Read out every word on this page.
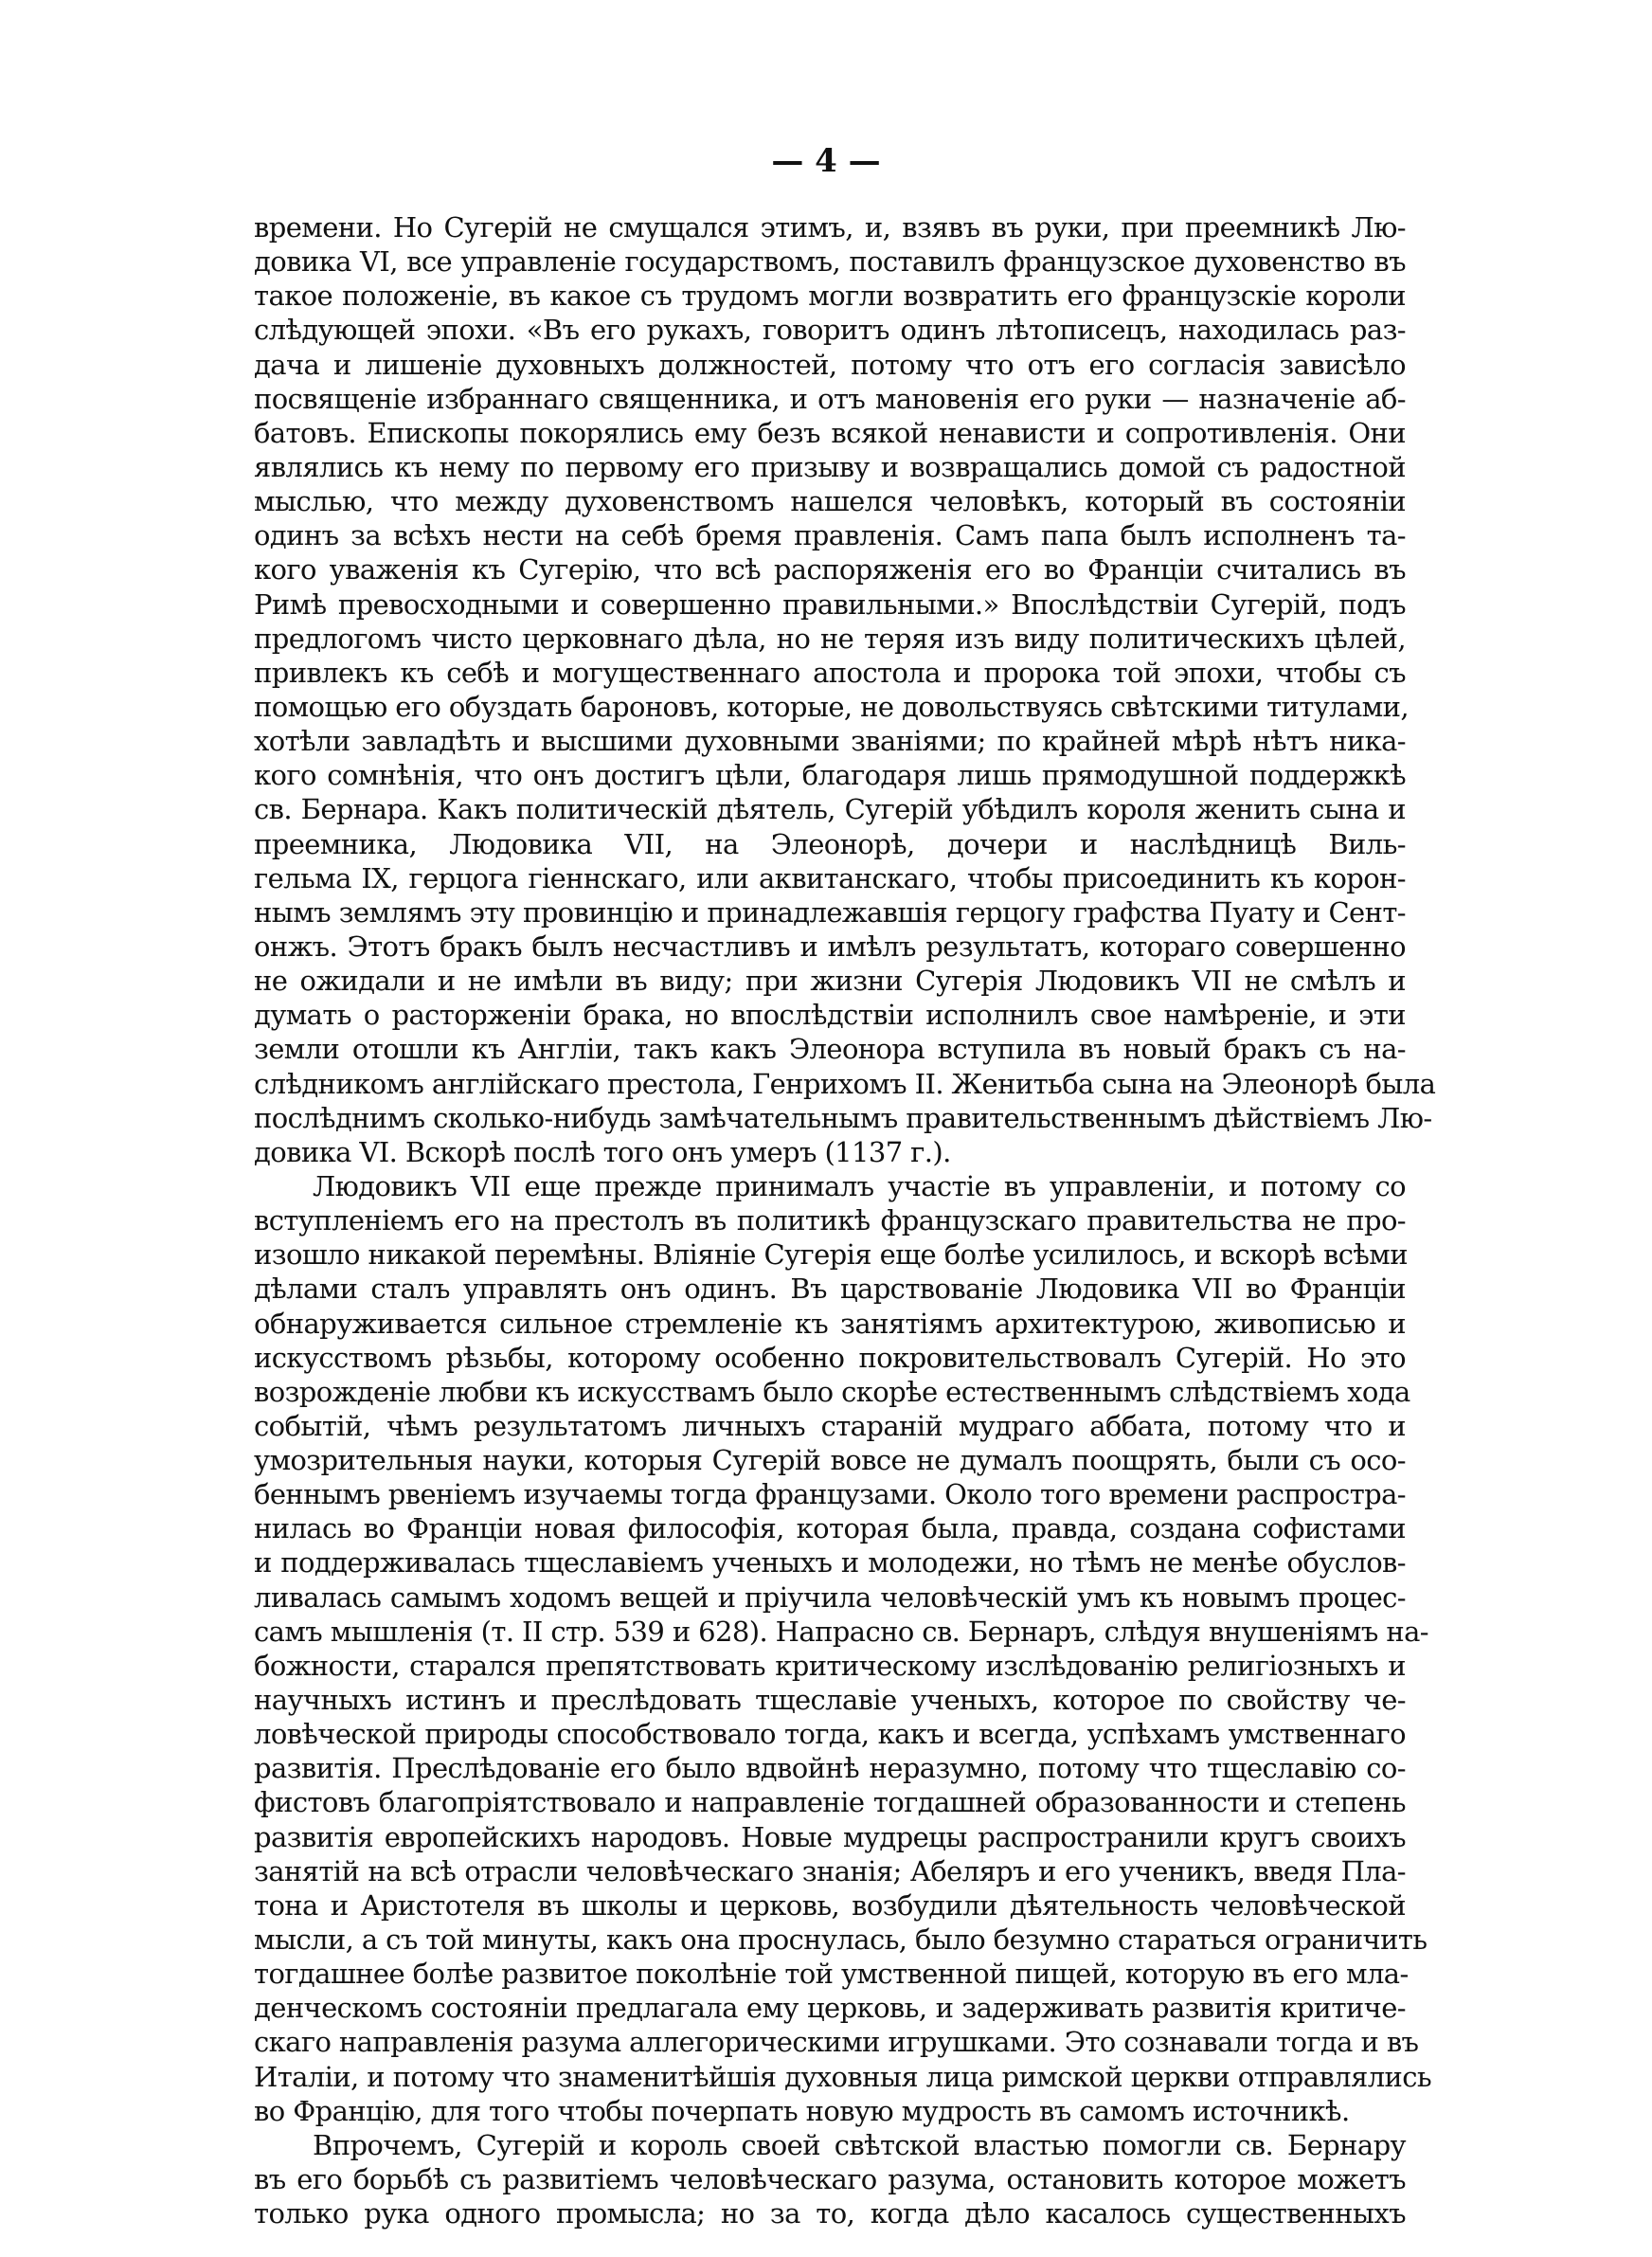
— 4 —
времени. Но Сугерій не смущался этимъ, и, взявъ въ руки, при преемникѣ Лю-
довика VI, все управленіе государствомъ, поставилъ французское духовенство въ
такое положеніе, въ какое съ трудомъ могли возвратить его французскіе короли
слѣдующей эпохи. «Въ его рукахъ, говоритъ одинъ лѣтописецъ, находилась раз-
дача и лишеніе духовныхъ должностей, потому что отъ его согласія зависѣло
посвященіе избраннаго священника, и отъ мановенія его руки — назначеніе аб-
батовъ. Епископы покорялись ему безъ всякой ненависти и сопротивленія. Они
являлись къ нему по первому его призыву и возвращались домой съ радостной
мыслью, что между духовенствомъ нашелся человѣкъ, который въ состояніи
одинъ за всѣхъ нести на себѣ бремя правленія. Самъ папа былъ исполненъ та-
кого уваженія къ Сугерію, что всѣ распоряженія его во Франціи считались въ
Римѣ превосходными и совершенно правильными.» Впослѣдствіи Сугерій, подъ
предлогомъ чисто церковнаго дѣла, но не теряя изъ виду политическихъ цѣлей,
привлекъ къ себѣ и могущественнаго апостола и пророка той эпохи, чтобы съ
помощью его обуздать бароновъ, которые, не довольствуясь свѣтскими титулами,
хотѣли завладѣть и высшими духовными званіями; по крайней мѣрѣ нѣтъ ника-
кого сомнѣнія, что онъ достигъ цѣли, благодаря лишь прямодушной поддержкѣ
св. Бернара. Какъ политическій дѣятель, Сугерій убѣдилъ короля женить сына и
преемника, Людовика VII, на Элеонорѣ, дочери и наслѣдницѣ Виль-
гельма IX, герцога гіеннскаго, или аквитанскаго, чтобы присоединить къ корон-
нымъ землямъ эту провинцію и принадлежавшія герцогу графства Пуату и Сент-
онжъ. Этотъ бракъ былъ несчастливъ и имѣлъ результатъ, котораго совершенно
не ожидали и не имѣли въ виду; при жизни Сугерія Людовикъ VII не смѣлъ и
думать о расторженіи брака, но впослѣдствіи исполнилъ свое намѣреніе, и эти
земли отошли къ Англіи, такъ какъ Элеонора вступила въ новый бракъ съ на-
слѣдникомъ англійскаго престола, Генрихомъ II. Женитьба сына на Элеонорѣ была
послѣднимъ сколько-нибудь замѣчательнымъ правительственнымъ дѣйствіемъ Лю-
довика VI. Вскорѣ послѣ того онъ умеръ (1137 г.).
Людовикъ VII еще прежде принималъ участіе въ управленіи, и потому со
вступленіемъ его на престолъ въ политикѣ французскаго правительства не про-
изошло никакой перемѣны. Вліяніе Сугерія еще болѣе усилилось, и вскорѣ всѣми
дѣлами сталъ управлять онъ одинъ. Въ царствованіе Людовика VII во Франціи
обнаруживается сильное стремленіе къ занятіямъ архитектурою, живописью и
искусствомъ рѣзьбы, которому особенно покровительствовалъ Сугерій. Но это
возрожденіе любви къ искусствамъ было скорѣе естественнымъ слѣдствіемъ хода
событій, чѣмъ результатомъ личныхъ стараній мудраго аббата, потому что и
умозрительныя науки, которыя Сугерій вовсе не думалъ поощрять, были съ осо-
беннымъ рвеніемъ изучаемы тогда французами. Около того времени распростра-
нилась во Франціи новая философія, которая была, правда, создана софистами
и поддерживалась тщеславіемъ ученыхъ и молодежи, но тѣмъ не менѣе обуслов-
ливалась самымъ ходомъ вещей и пріучила человѣческій умъ къ новымъ процес-
самъ мышленія (т. II стр. 539 и 628). Напрасно св. Бернаръ, слѣдуя внушеніямъ на-
божности, старался препятствовать критическому изслѣдованію религіозныхъ и
научныхъ истинъ и преслѣдовать тщеславіе ученыхъ, которое по свойству че-
ловѣческой природы способствовало тогда, какъ и всегда, успѣхамъ умственнаго
развитія. Преслѣдованіе его было вдвойнѣ неразумно, потому что тщеславію со-
фистовъ благопріятствовало и направленіе тогдашней образованности и степень
развитія европейскихъ народовъ. Новые мудрецы распространили кругъ своихъ
занятій на всѣ отрасли человѣческаго знанія; Абеляръ и его ученикъ, введя Пла-
тона и Аристотеля въ школы и церковь, возбудили дѣятельность человѣческой
мысли, а съ той минуты, какъ она проснулась, было безумно стараться ограничить
тогдашнее болѣе развитое поколѣніе той умственной пищей, которую въ его мла-
денческомъ состояніи предлагала ему церковь, и задерживать развитія критиче-
скаго направленія разума аллегорическими игрушками. Это сознавали тогда и въ
Италіи, и потому что знаменитѣйшія духовныя лица римской церкви отправлялись
во Францію, для того чтобы почерпать новую мудрость въ самомъ источникѣ.
Впрочемъ, Сугерій и король своей свѣтской властью помогли св. Бернару
въ его борьбѣ съ развитіемъ человѣческаго разума, остановить которое можетъ
только рука одного промысла; но за то, когда дѣло касалось существенныхъ
